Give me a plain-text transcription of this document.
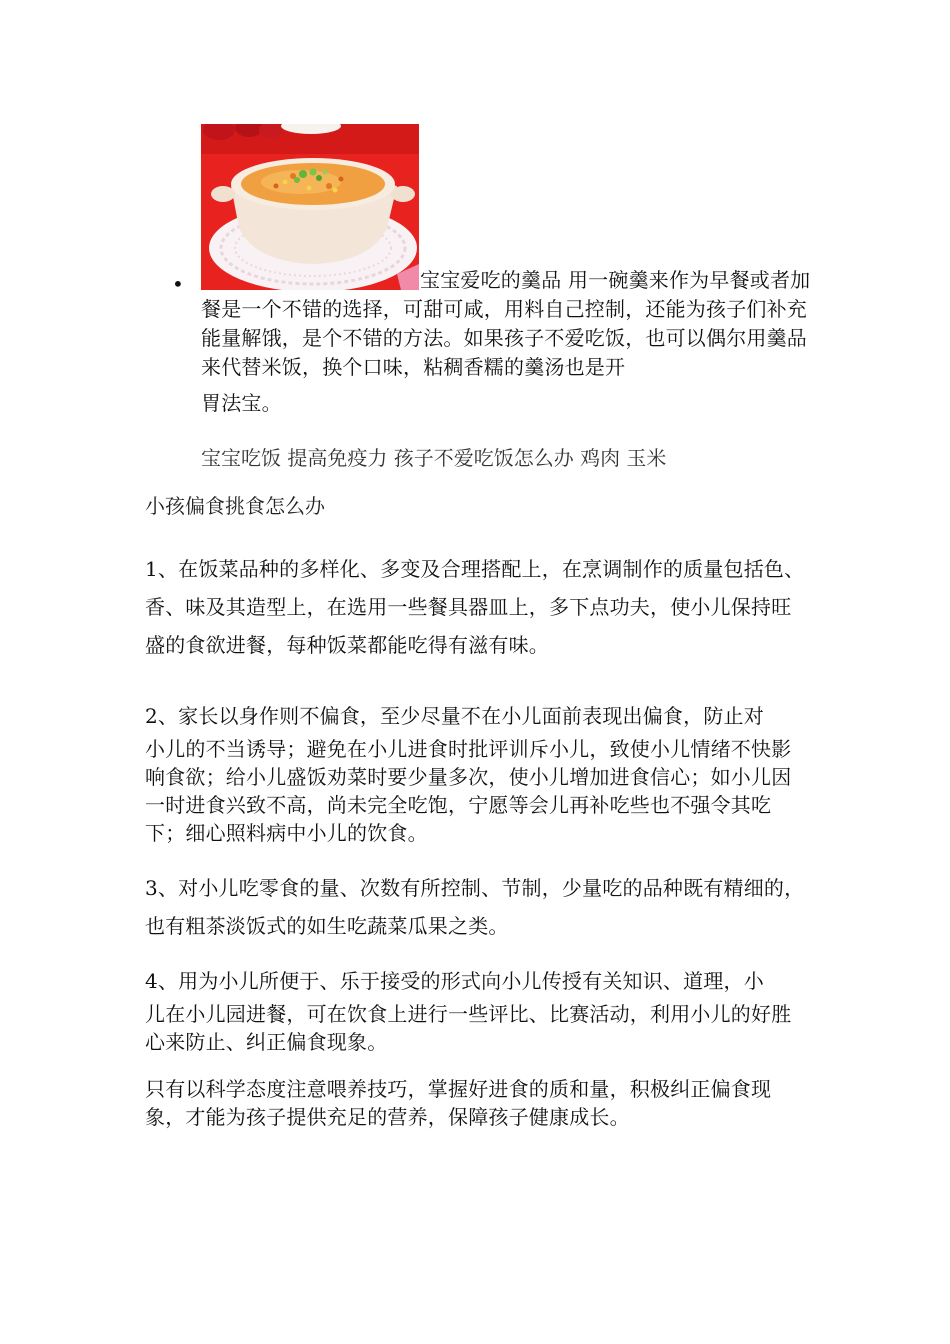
•	宝宝爱吃的羹品 用一碗羹来作为早餐或者加餐是一个不错的选择，可甜可咸，用料自己控制，还能为孩子们补充能量解饿，是个不错的方法。如果孩子不爱吃饭，也可以偶尔用羹品来代替米饭，换个口味，粘稠香糯的羹汤也是开
胃法宝。
宝宝吃饭 提高免疫力 孩子不爱吃饭怎么办 鸡肉 玉米
小孩偏食挑食怎么办
1、在饭菜品种的多样化、多变及合理搭配上，在烹调制作的质量包括色、香、味及其造型上，在选用一些餐具器皿上，多下点功夫，使小儿保持旺盛的食欲进餐，每种饭菜都能吃得有滋有味。
2、家长以身作则不偏食，至少尽量不在小儿面前表现出偏食，防止对
小儿的不当诱导；避免在小儿进食时批评训斥小儿，致使小儿情绪不快影响食欲；给小儿盛饭劝菜时要少量多次，使小儿增加进食信心；如小儿因一时进食兴致不高，尚未完全吃饱，宁愿等会儿再补吃些也不强令其吃下；细心照料病中小儿的饮食。
3、对小儿吃零食的量、次数有所控制、节制，少量吃的品种既有精细的，也有粗茶淡饭式的如生吃蔬菜瓜果之类。
4、用为小儿所便于、乐于接受的形式向小儿传授有关知识、道理，小
儿在小儿园进餐，可在饮食上进行一些评比、比赛活动，利用小儿的好胜心来防止、纠正偏食现象。
只有以科学态度注意喂养技巧，掌握好进食的质和量，积极纠正偏食现象，才能为孩子提供充足的营养，保障孩子健康成长。
